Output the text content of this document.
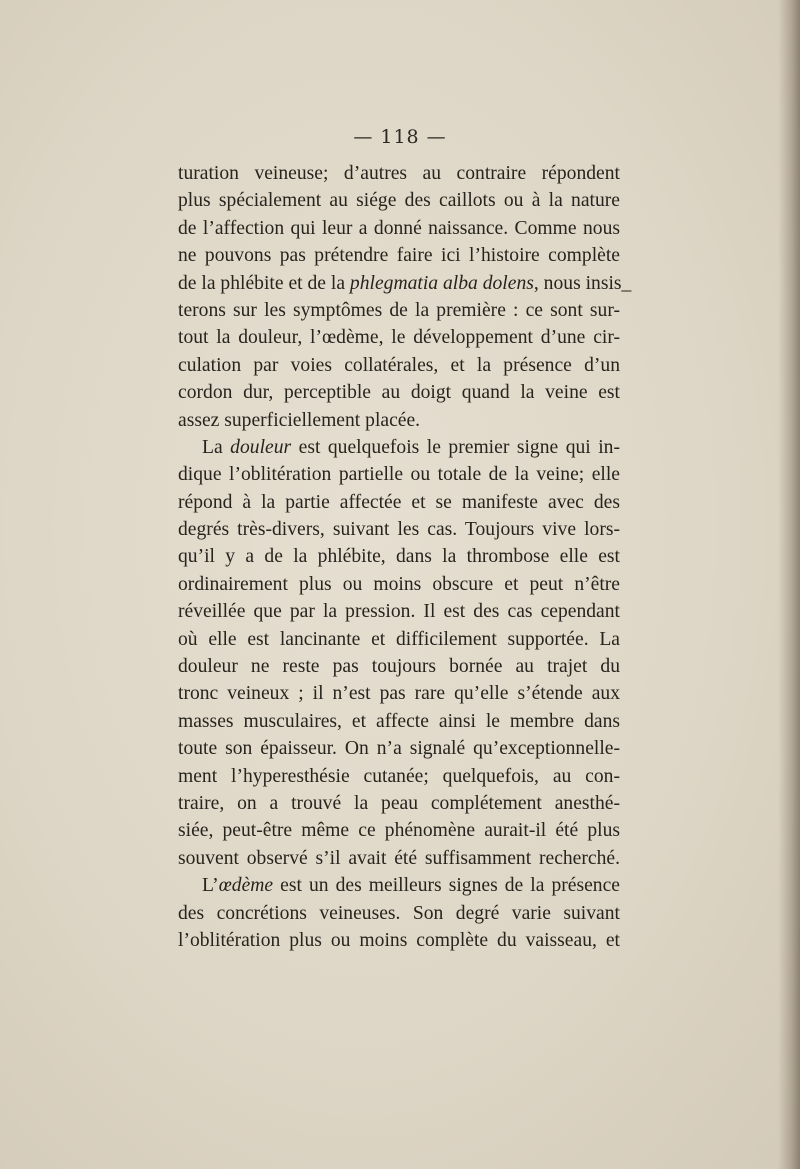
— 118 —
turation veineuse; d’autres au contraire répondent
plus spécialement au siége des caillots ou à la nature
de l’affection qui leur a donné naissance. Comme nous
ne pouvons pas prétendre faire ici l’histoire complète
de la phlébite et de la phlegmatia alba dolens, nous insis_
terons sur les symptômes de la première : ce sont sur-
tout la douleur, l’œdème, le développement d’une cir-
culation par voies collatérales, et la présence d’un
cordon dur, perceptible au doigt quand la veine est
assez superficiellement placée.
La douleur est quelquefois le premier signe qui in-
dique l’oblitération partielle ou totale de la veine; elle
répond à la partie affectée et se manifeste avec des
degrés très-divers, suivant les cas. Toujours vive lors-
qu’il y a de la phlébite, dans la thrombose elle est
ordinairement plus ou moins obscure et peut n’être
réveillée que par la pression. Il est des cas cependant
où elle est lancinante et difficilement supportée. La
douleur ne reste pas toujours bornée au trajet du
tronc veineux ; il n’est pas rare qu’elle s’étende aux
masses musculaires, et affecte ainsi le membre dans
toute son épaisseur. On n’a signalé qu’exceptionnelle-
ment l’hyperesthésie cutanée; quelquefois, au con-
traire, on a trouvé la peau complétement anesthé-
siée, peut-être même ce phénomène aurait-il été plus
souvent observé s’il avait été suffisamment recherché.
L’œdème est un des meilleurs signes de la présence
des concrétions veineuses. Son degré varie suivant
l’oblitération plus ou moins complète du vaisseau, et
